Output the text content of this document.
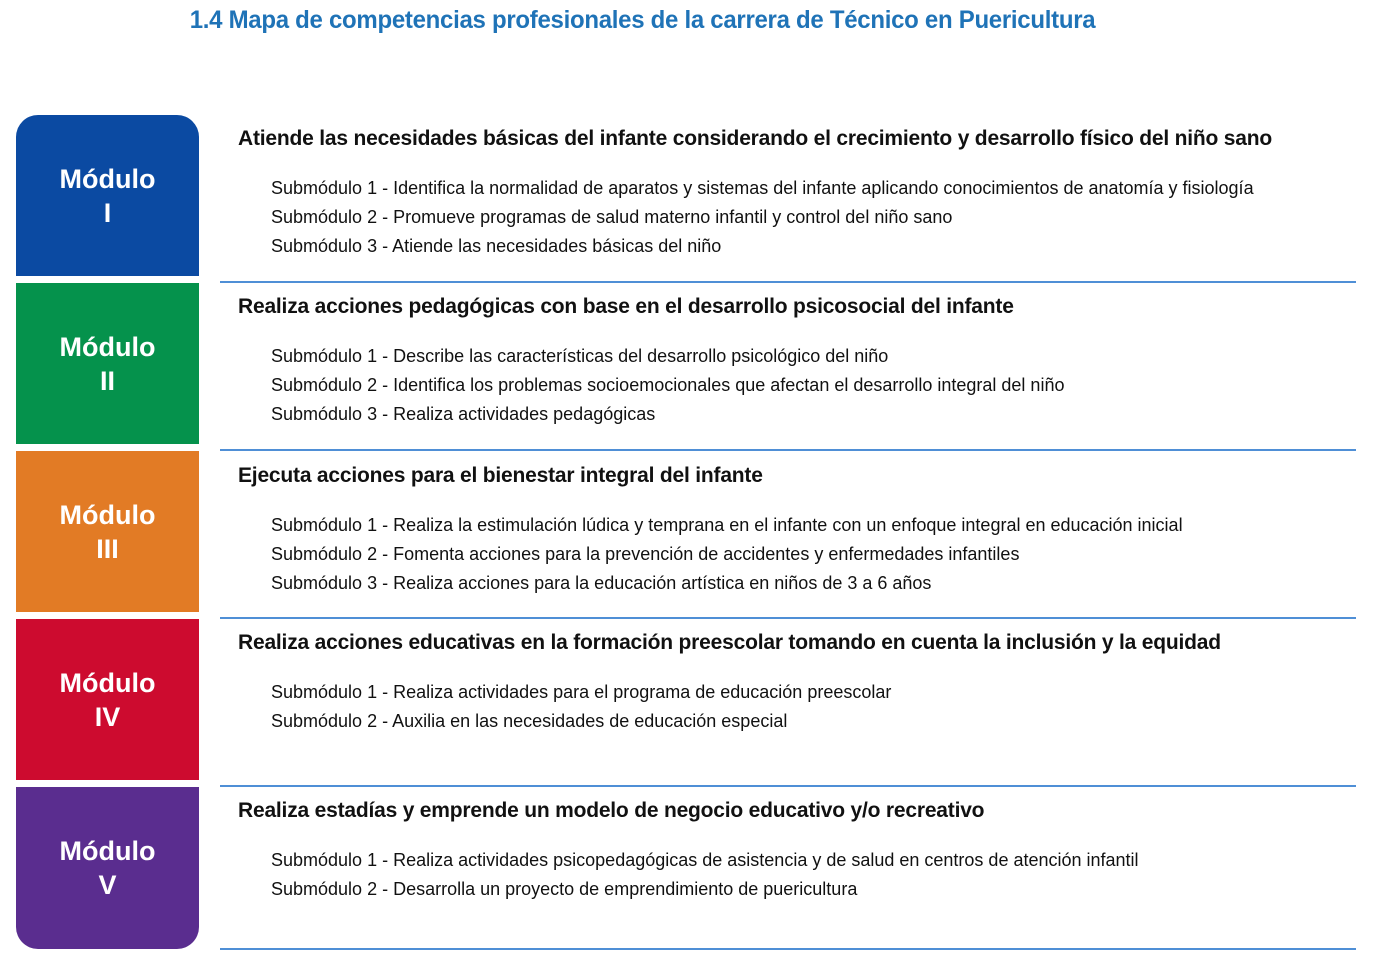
1.4 Mapa de competencias profesionales de la carrera de Técnico en Puericultura
Módulo
I

Atiende las necesidades básicas del infante considerando el crecimiento y desarrollo físico del niño sano

Submódulo 1 - Identifica la normalidad de aparatos y sistemas del infante aplicando conocimientos de anatomía y fisiología
Submódulo 2 - Promueve programas de salud materno infantil y control del niño sano
Submódulo 3 - Atiende las necesidades básicas del niño
Módulo
II

Realiza acciones pedagógicas con base en el desarrollo psicosocial del infante

Submódulo 1 - Describe las características del desarrollo psicológico del niño
Submódulo 2 - Identifica los problemas socioemocionales que afectan el desarrollo integral del niño
Submódulo 3 - Realiza actividades pedagógicas
Módulo
III

Ejecuta acciones para el bienestar integral del infante

Submódulo 1 - Realiza la estimulación lúdica y temprana en el infante con un enfoque integral en educación inicial
Submódulo 2 - Fomenta acciones para la prevención de accidentes y enfermedades infantiles
Submódulo 3 - Realiza acciones para la educación artística en niños de 3 a 6 años
Módulo
IV

Realiza acciones educativas en la formación preescolar tomando en cuenta la inclusión y la equidad

Submódulo 1 - Realiza actividades para el programa de educación preescolar
Submódulo 2 - Auxilia en las necesidades de educación especial
Módulo
V

Realiza estadías y emprende un modelo de negocio educativo y/o recreativo

Submódulo 1 - Realiza actividades psicopedagógicas de asistencia y de salud en centros de atención infantil
Submódulo 2 - Desarrolla un proyecto de emprendimiento de puericultura
